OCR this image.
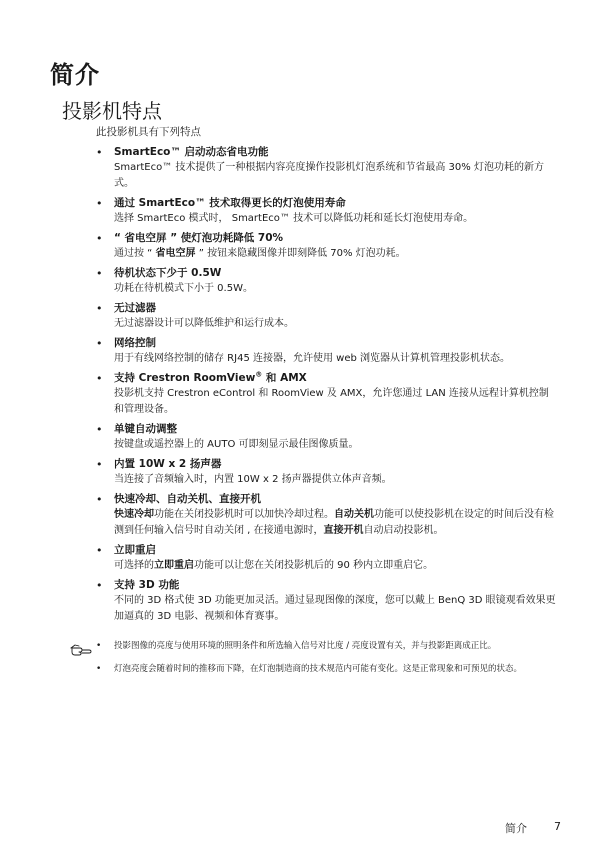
简介
投影机特点
此投影机具有下列特点
• SmartEco™ 启动动态省电功能
SmartEco™ 技术提供了一种根据内容亮度操作投影机灯泡系统和节省最高 30% 灯泡功耗的新方式。
• 通过 SmartEco™ 技术取得更长的灯泡使用寿命
选择 SmartEco 模式时， SmartEco™ 技术可以降低功耗和延长灯泡使用寿命。
• “ 省电空屏 ” 使灯泡功耗降低 70%
通过按 “ 省电空屏 ” 按钮来隐藏图像并即刻降低 70% 灯泡功耗。
• 待机状态下少于 0.5W
功耗在待机模式下小于 0.5W。
• 无过滤器
无过滤器设计可以降低维护和运行成本。
• 网络控制
用于有线网络控制的储存 RJ45 连接器，允许使用 web 浏览器从计算机管理投影机状态。
• 支持 Crestron RoomView® 和 AMX
投影机支持 Crestron eControl 和 RoomView 及 AMX，允许您通过 LAN 连接从远程计算机控制和管理设备。
• 单键自动调整
按键盘或遥控器上的 AUTO 可即刻显示最佳图像质量。
• 内置 10W x 2 扬声器
当连接了音频输入时，内置 10W x 2 扬声器提供立体声音频。
• 快速冷却、自动关机、直接开机
快速冷却功能在关闭投影机时可以加快冷却过程。自动关机功能可以使投影机在设定的时间后没有检测到任何输入信号时自动关闭 , 在接通电源时，直接开机自动启动投影机。
• 立即重启
可选择的立即重启功能可以让您在关闭投影机后的 90 秒内立即重启它。
• 支持 3D 功能
不同的 3D 格式使 3D 功能更加灵活。通过显现图像的深度，您可以戴上 BenQ 3D 眼镜观看效果更加逼真的 3D 电影、视频和体育赛事。
• 投影图像的亮度与使用环境的照明条件和所选输入信号对比度 / 亮度设置有关，并与投影距离成正比。
• 灯泡亮度会随着时间的推移而下降，在灯泡制造商的技术规范内可能有变化。这是正常现象和可预见的状态。
简介 7
